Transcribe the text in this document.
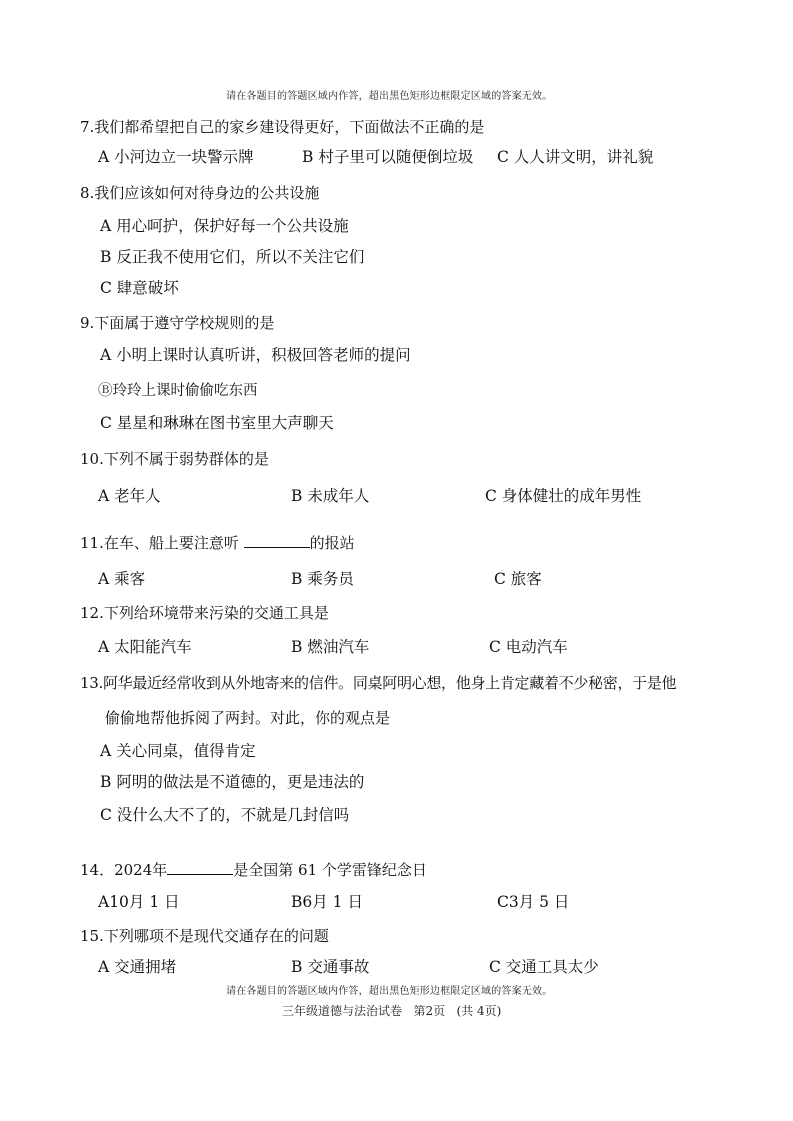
请在各题目的答题区域内作答，超出黑色矩形边框限定区域的答案无效。
7.我们都希望把自己的家乡建设得更好，下面做法不正确的是
A 小河边立一块警示牌	B 村子里可以随便倒垃圾 C 人人讲文明，讲礼貌
8.我们应该如何对待身边的公共设施
A 用心呵护，保护好每一个公共设施
B 反正我不使用它们，所以不关注它们
C 肆意破坏
9.下面属于遵守学校规则的是
A 小明上课时认真听讲，积极回答老师的提问
Ⓑ玲玲上课时偷偷吃东西
C 星星和琳琳在图书室里大声聊天
10.下列不属于弱势群体的是
A 老年人	B 未成年人	C 身体健壮的成年男性
11.在车、船上要注意听	的报站
A 乘客	B 乘务员	C 旅客
12.下列给环境带来污染的交通工具是
A 太阳能汽车	B 燃油汽车	C 电动汽车
13.阿华最近经常收到从外地寄来的信件。同桌阿明心想，他身上肯定藏着不少秘密，于是他
偷偷地帮他拆阅了两封。对此，你的观点是
A 关心同桌，值得肯定
B 阿明的做法是不道德的，更是违法的
C 没什么大不了的，不就是几封信吗
14．2024年	是全国第 61 个学雷锋纪念日
A10月 1 日	B6月 1 日	C3月 5 日
15.下列哪项不是现代交通存在的问题
A 交通拥堵	B 交通事故	C 交通工具太少
请在各题目的答题区域内作答，超出黑色矩形边框限定区域的答案无效。
三年级道德与法治试卷   第2页   (共 4页)
